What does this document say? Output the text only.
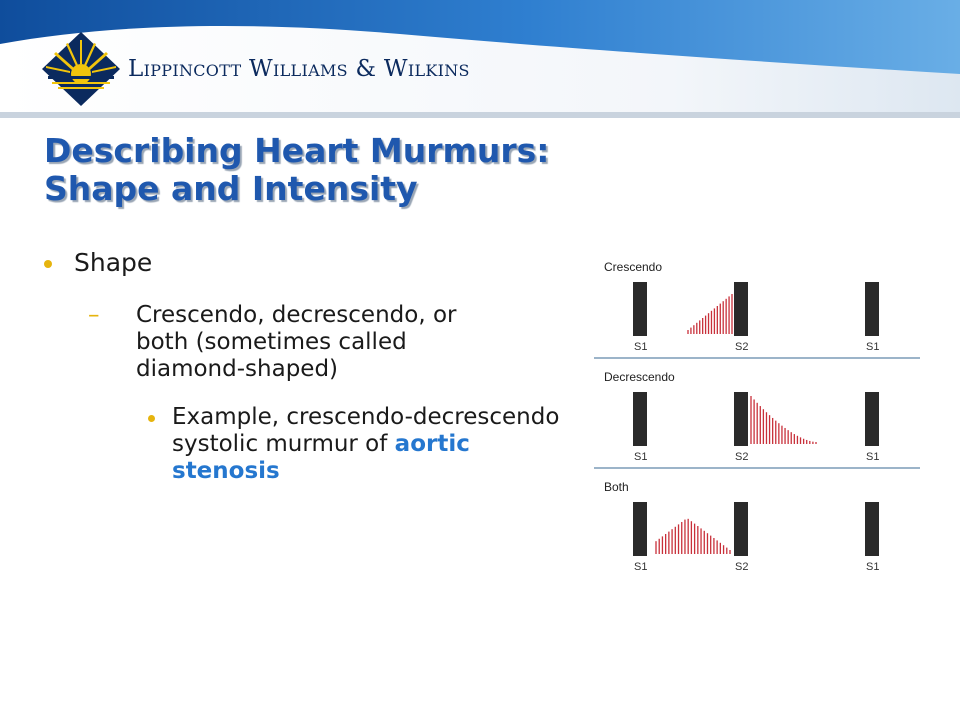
Lippincott Williams & Wilkins
Describing Heart Murmurs:
Shape and Intensity
Shape
– Crescendo, decrescendo, or both (sometimes called diamond-shaped)
Example, crescendo-decrescendo systolic murmur of aortic stenosis
Crescendo
S1	S2	S1
Decrescendo
S1	S2	S1
Both
S1	S2	S1
